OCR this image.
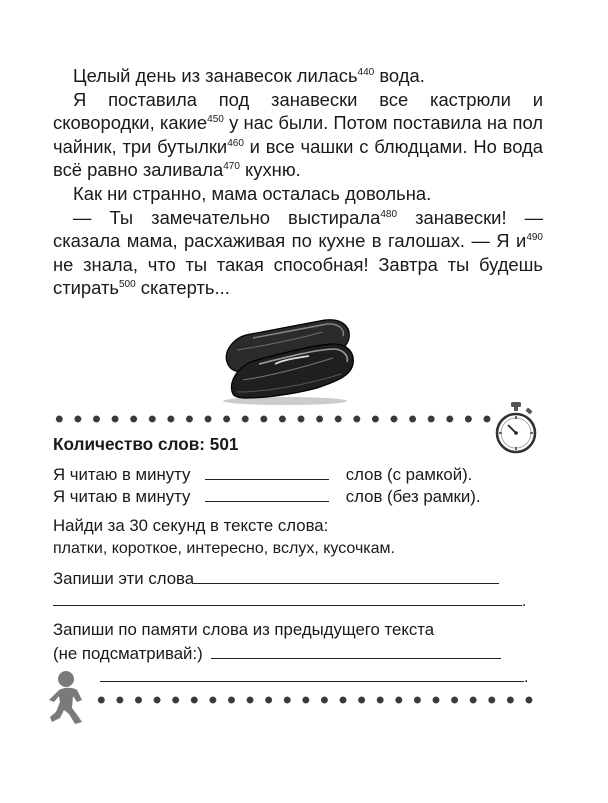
Целый день из занавесок лилась$^{440}$ вода.

Я поставила под занавески все кастрюли и сковородки, какие$^{450}$ у нас были. Потом поставила на пол чайник, три бутылки$^{460}$ и все чашки с блюдцами. Но вода всё равно заливала$^{470}$ кухню.

Как ни странно, мама осталась довольна.

— Ты замечательно выстирала$^{480}$ занавески! — сказала мама, расхаживая по кухне в галошах. — Я $и^{490}$ не знала, что ты такая способная! Завтра ты будешь стирать$^{500}$ скатерть...

Количество слов: 501
Я читаю в минуту	слов (с рамкой).
Я читаю в минуту	слов (без рамки).
Найди за 30 секунд в тексте слова:
платки, короткое, интересно, вслух, кусочкам.
Запиши эти слова
.
Запиши по памяти слова из предыдущего текста
(не подсматривай:)
.
